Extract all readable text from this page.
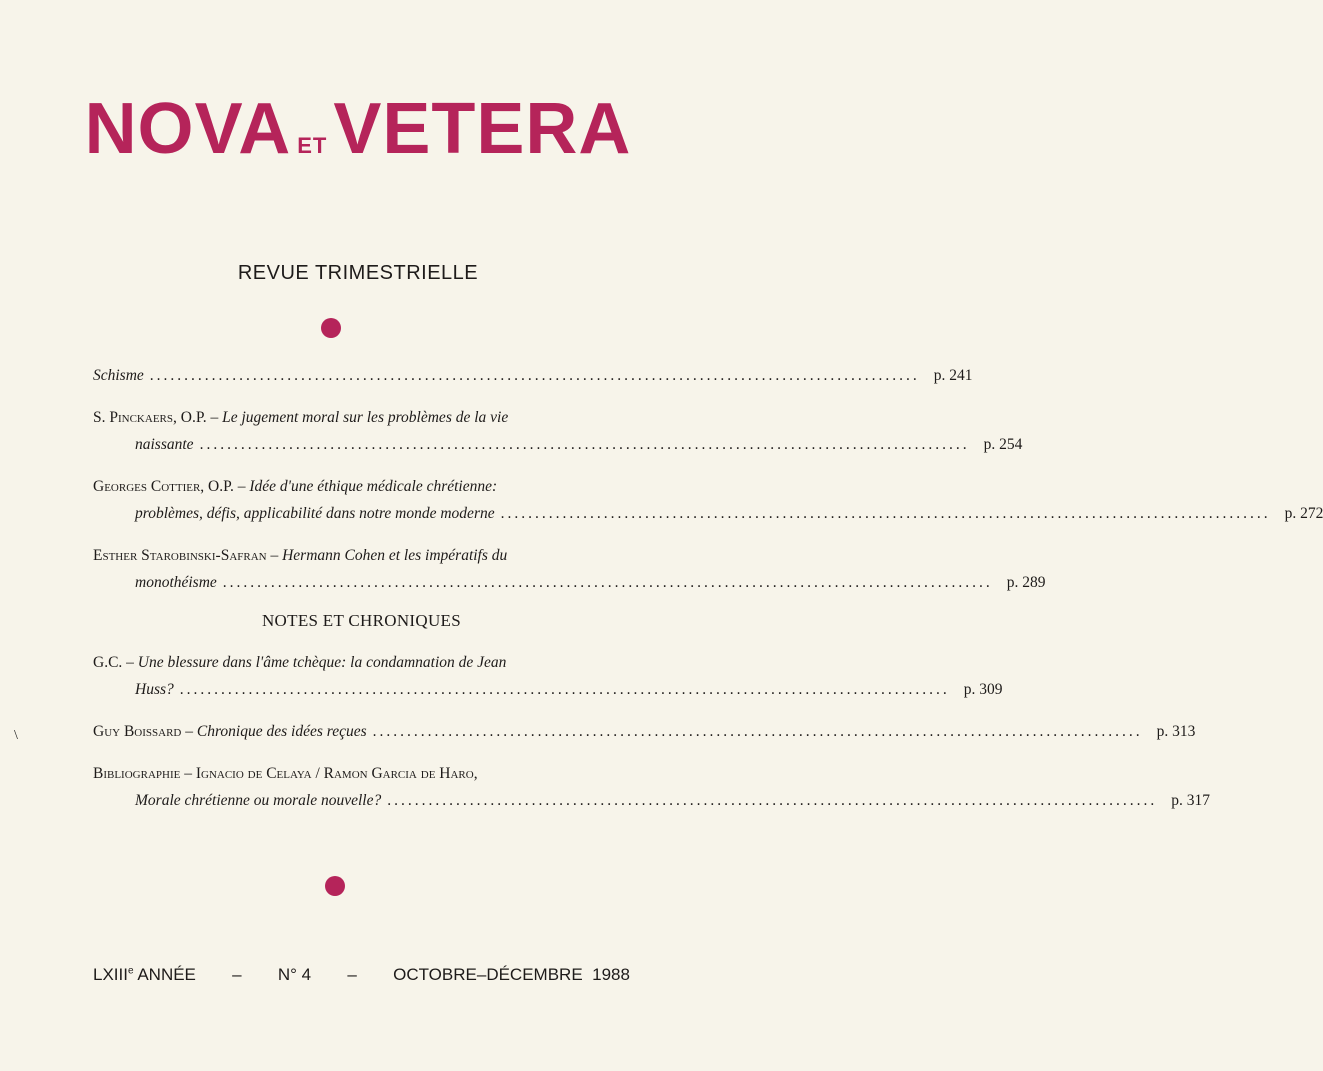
NOVA ETVETERA
REVUE TRIMESTRIELLE
Schisme ................................................................................................................ p. 241
S. Pinckaers, O.P. – Le jugement moral sur les problèmes de la vie
naissante ................................................................................................................ p. 254
Georges Cottier, O.P. – Idée d'une éthique médicale chrétienne:
problèmes, défis, applicabilité dans notre monde moderne ................................................................................................................ p. 272
Esther Starobinski-Safran – Hermann Cohen et les impératifs du
monothéisme ................................................................................................................ p. 289
NOTES ET CHRONIQUES
G.C. – Une blessure dans l'âme tchèque: la condamnation de Jean
Huss? ................................................................................................................ p. 309
Guy Boissard – Chronique des idées reçues ................................................................................................................ p. 313
Bibliographie – Ignacio de Celaya / Ramon Garcia de Haro,
Morale chrétienne ou morale nouvelle? ................................................................................................................ p. 317
LXIIIe ANNÉE – N° 4 – OCTOBRE–DÉCEMBRE 1988
\
